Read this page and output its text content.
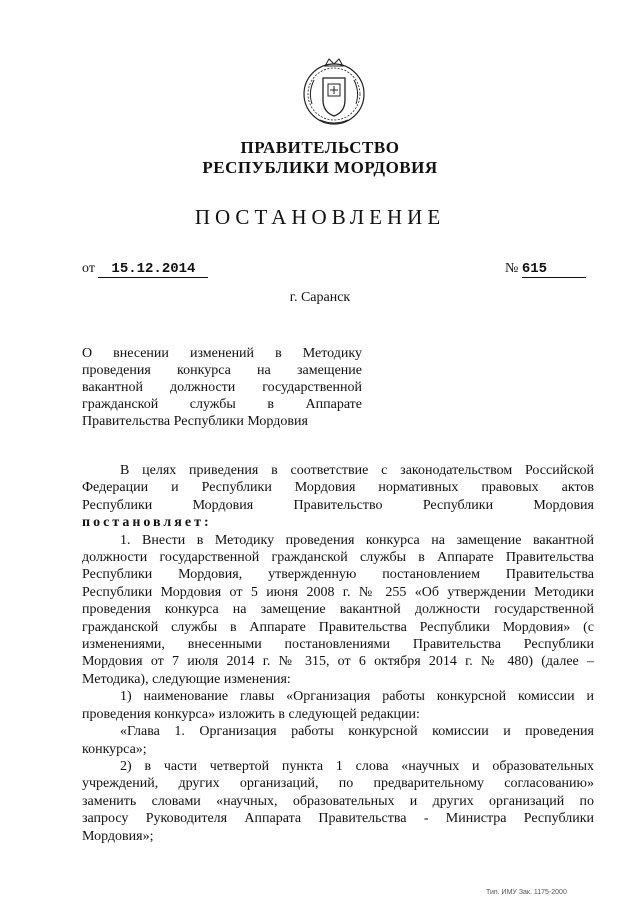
ПРАВИТЕЛЬСТВО
РЕСПУБЛИКИ МОРДОВИЯ
ПОСТАНОВЛЕНИЕ
от 15.12.2014	№ 615
г. Саранск
О внесении изменений в Методику
проведения конкурса на замещение
вакантной должности государственной
гражданской службы в Аппарате
Правительства Республики Мордовия
В целях приведения в соответствие с законодательством Российской
Федерации и Республики Мордовия нормативных правовых актов
Республики Мордовия Правительство Республики Мордовия
постановляет:
1. Внести в Методику проведения конкурса на замещение вакантной
должности государственной гражданской службы в Аппарате Правительства
Республики Мордовия, утвержденную постановлением Правительства
Республики Мордовия от 5 июня 2008 г. № 255 «Об утверждении Методики
проведения конкурса на замещение вакантной должности государственной
гражданской службы в Аппарате Правительства Республики Мордовия» (с
изменениями, внесенными постановлениями Правительства Республики
Мордовия от 7 июля 2014 г. № 315, от 6 октября 2014 г. № 480) (далее –
Методика), следующие изменения:
1) наименование главы «Организация работы конкурсной комиссии и
проведения конкурса» изложить в следующей редакции:
«Глава 1. Организация работы конкурсной комиссии и проведения
конкурса»;
2) в части четвертой пункта 1 слова «научных и образовательных
учреждений, других организаций, по предварительному согласованию»
заменить словами «научных, образовательных и других организаций по
запросу Руководителя Аппарата Правительства - Министра Республики
Мордовия»;
Тип. ИМУ Зак. 1175-2000
